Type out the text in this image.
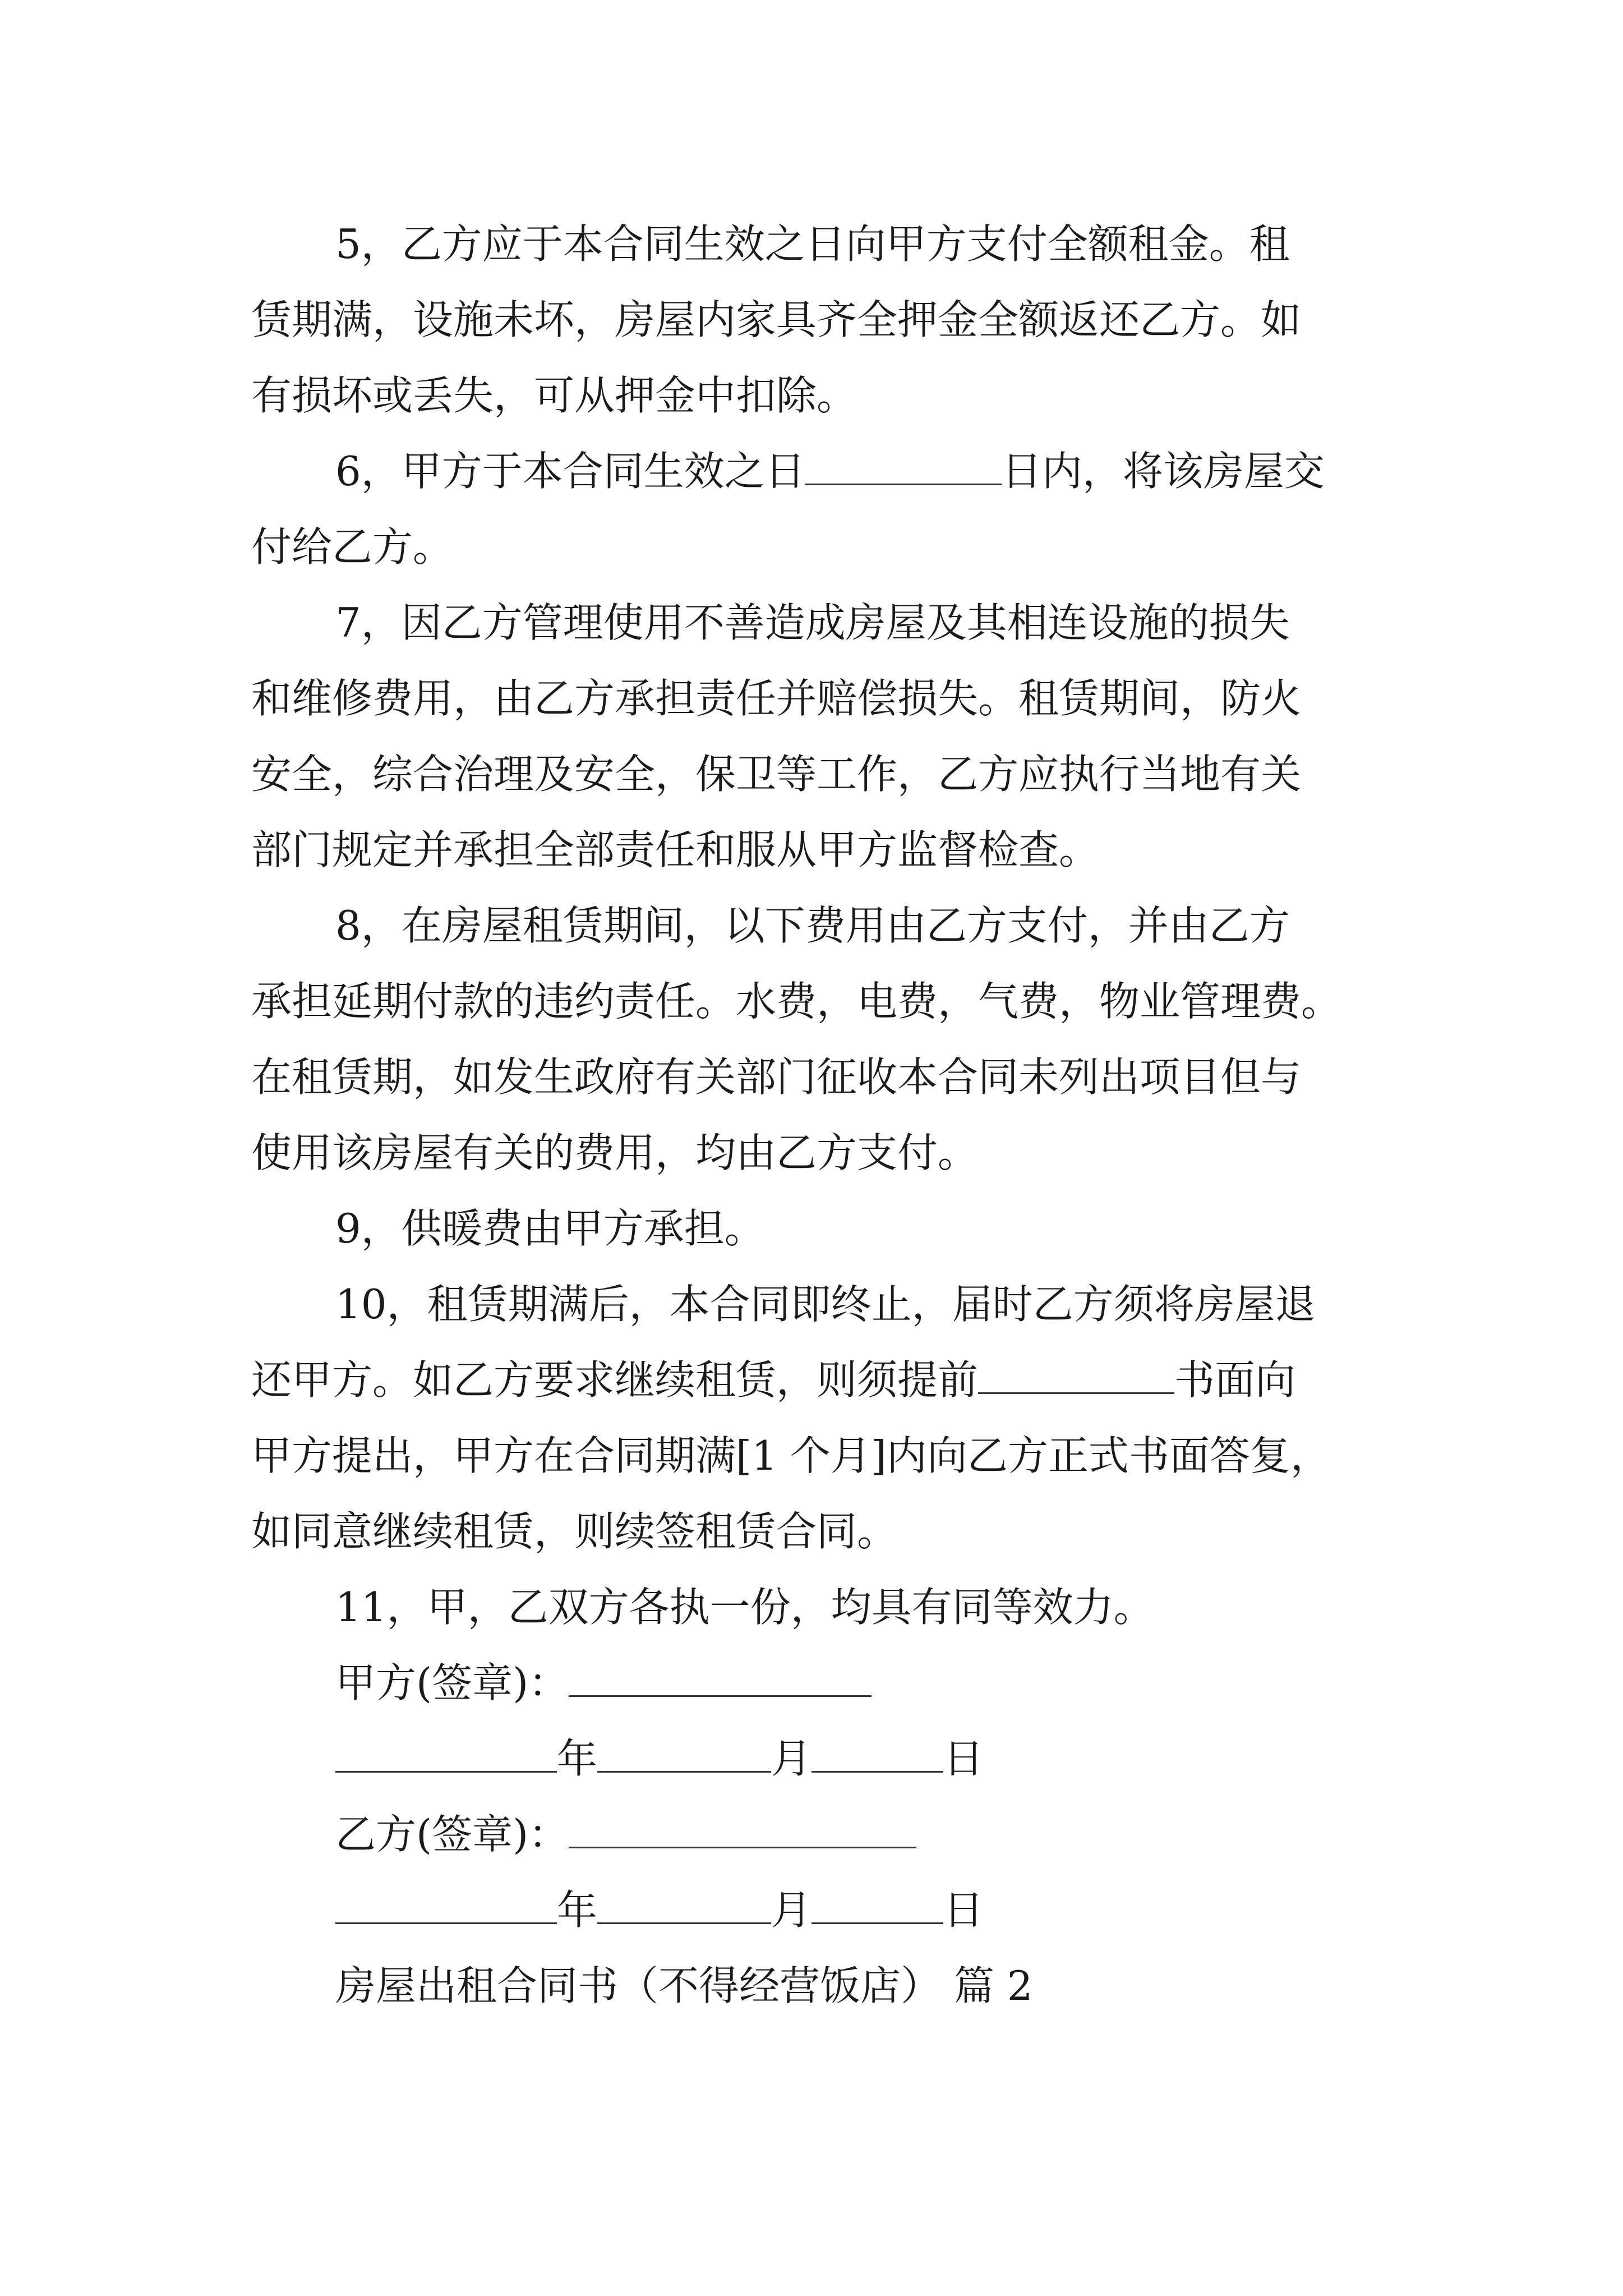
5，乙方应于本合同生效之日向甲方支付全额租金。租
赁期满，设施未坏，房屋内家具齐全押金全额返还乙方。如
有损坏或丢失，可从押金中扣除。
6，甲方于本合同生效之日	日内，将该房屋交
付给乙方。
7，因乙方管理使用不善造成房屋及其相连设施的损失
和维修费用，由乙方承担责任并赔偿损失。租赁期间，防火
安全，综合治理及安全，保卫等工作，乙方应执行当地有关
部门规定并承担全部责任和服从甲方监督检查。
8，在房屋租赁期间，以下费用由乙方支付，并由乙方
承担延期付款的违约责任。水费，电费，气费，物业管理费。
在租赁期，如发生政府有关部门征收本合同未列出项目但与
使用该房屋有关的费用，均由乙方支付。
9，供暖费由甲方承担。
10，租赁期满后，本合同即终止，届时乙方须将房屋退
还甲方。如乙方要求继续租赁，则须提前	书面向
甲方提出，甲方在合同期满[1 个月]内向乙方正式书面答复，
如同意继续租赁，则续签租赁合同。
11，甲，乙双方各执一份，均具有同等效力。
甲方(签章)：
年	月	日
乙方(签章)：
年	月	日
房屋出租合同书（不得经营饭店） 篇 2
